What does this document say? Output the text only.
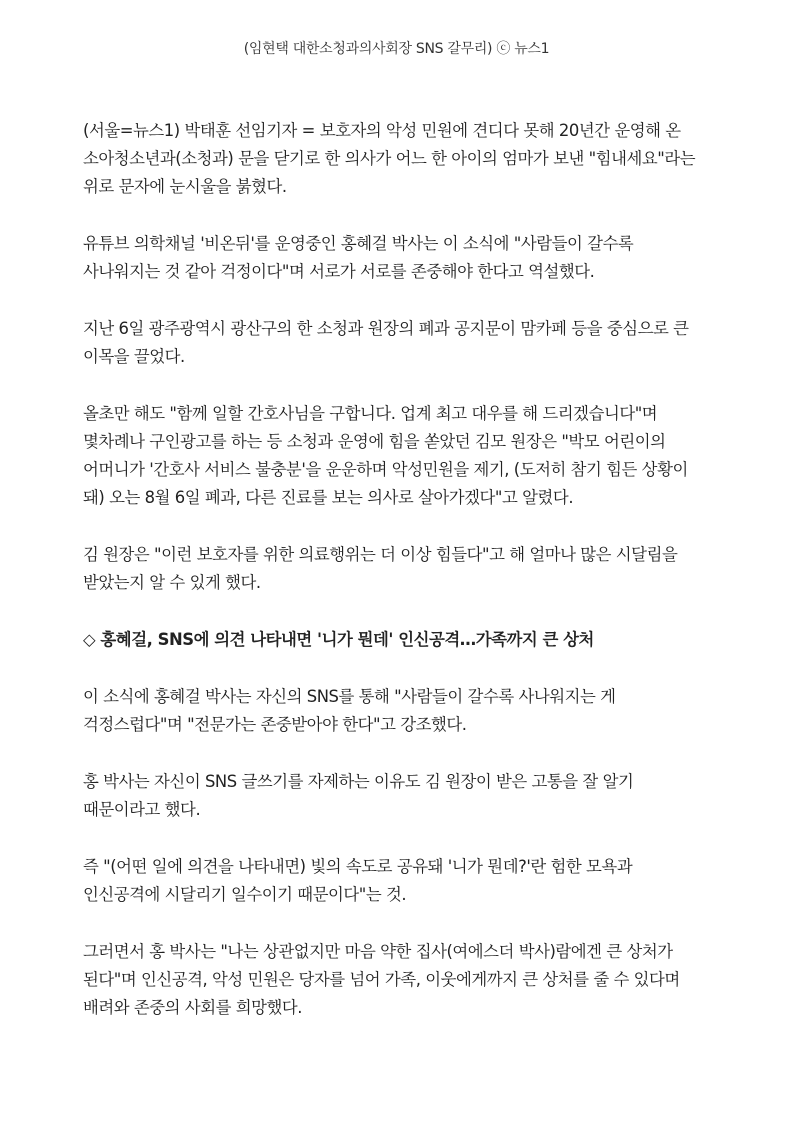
(임현택 대한소청과의사회장 SNS 갈무리) ⓒ 뉴스1

(서울=뉴스1) 박태훈 선임기자 = 보호자의 악성 민원에 견디다 못해 20년간 운영해 온 소아청소년과(소청과) 문을 닫기로 한 의사가 어느 한 아이의 엄마가 보낸 "힘내세요"라는 위로 문자에 눈시울을 붉혔다.

유튜브 의학채널 '비온뒤'를 운영중인 홍혜걸 박사는 이 소식에 "사람들이 갈수록 사나워지는 것 같아 걱정이다"며 서로가 서로를 존중해야 한다고 역설했다.

지난 6일 광주광역시 광산구의 한 소청과 원장의 폐과 공지문이 맘카페 등을 중심으로 큰 이목을 끌었다.

올초만 해도 "함께 일할 간호사님을 구합니다. 업계 최고 대우를 해 드리겠습니다"며 몇차례나 구인광고를 하는 등 소청과 운영에 힘을 쏟았던 김모 원장은 "박모 어린이의 어머니가 '간호사 서비스 불충분'을 운운하며 악성민원을 제기, (도저히 참기 힘든 상황이 돼) 오는 8월 6일 폐과, 다른 진료를 보는 의사로 살아가겠다"고 알렸다.

김 원장은 "이런 보호자를 위한 의료행위는 더 이상 힘들다"고 해 얼마나 많은 시달림을 받았는지 알 수 있게 했다.

◇ 홍혜걸, SNS에 의견 나타내면 '니가 뭔데' 인신공격…가족까지 큰 상처

이 소식에 홍혜걸 박사는 자신의 SNS를 통해 "사람들이 갈수록 사나워지는 게 걱정스럽다"며 "전문가는 존중받아야 한다"고 강조했다.

홍 박사는 자신이 SNS 글쓰기를 자제하는 이유도 김 원장이 받은 고통을 잘 알기 때문이라고 했다.

즉 "(어떤 일에 의견을 나타내면) 빛의 속도로 공유돼 '니가 뭔데?'란 험한 모욕과 인신공격에 시달리기 일수이기 때문이다"는 것.

그러면서 홍 박사는 "나는 상관없지만 마음 약한 집사(여에스더 박사)람에겐 큰 상처가 된다"며 인신공격, 악성 민원은 당자를 넘어 가족, 이웃에게까지 큰 상처를 줄 수 있다며 배려와 존중의 사회를 희망했다.
